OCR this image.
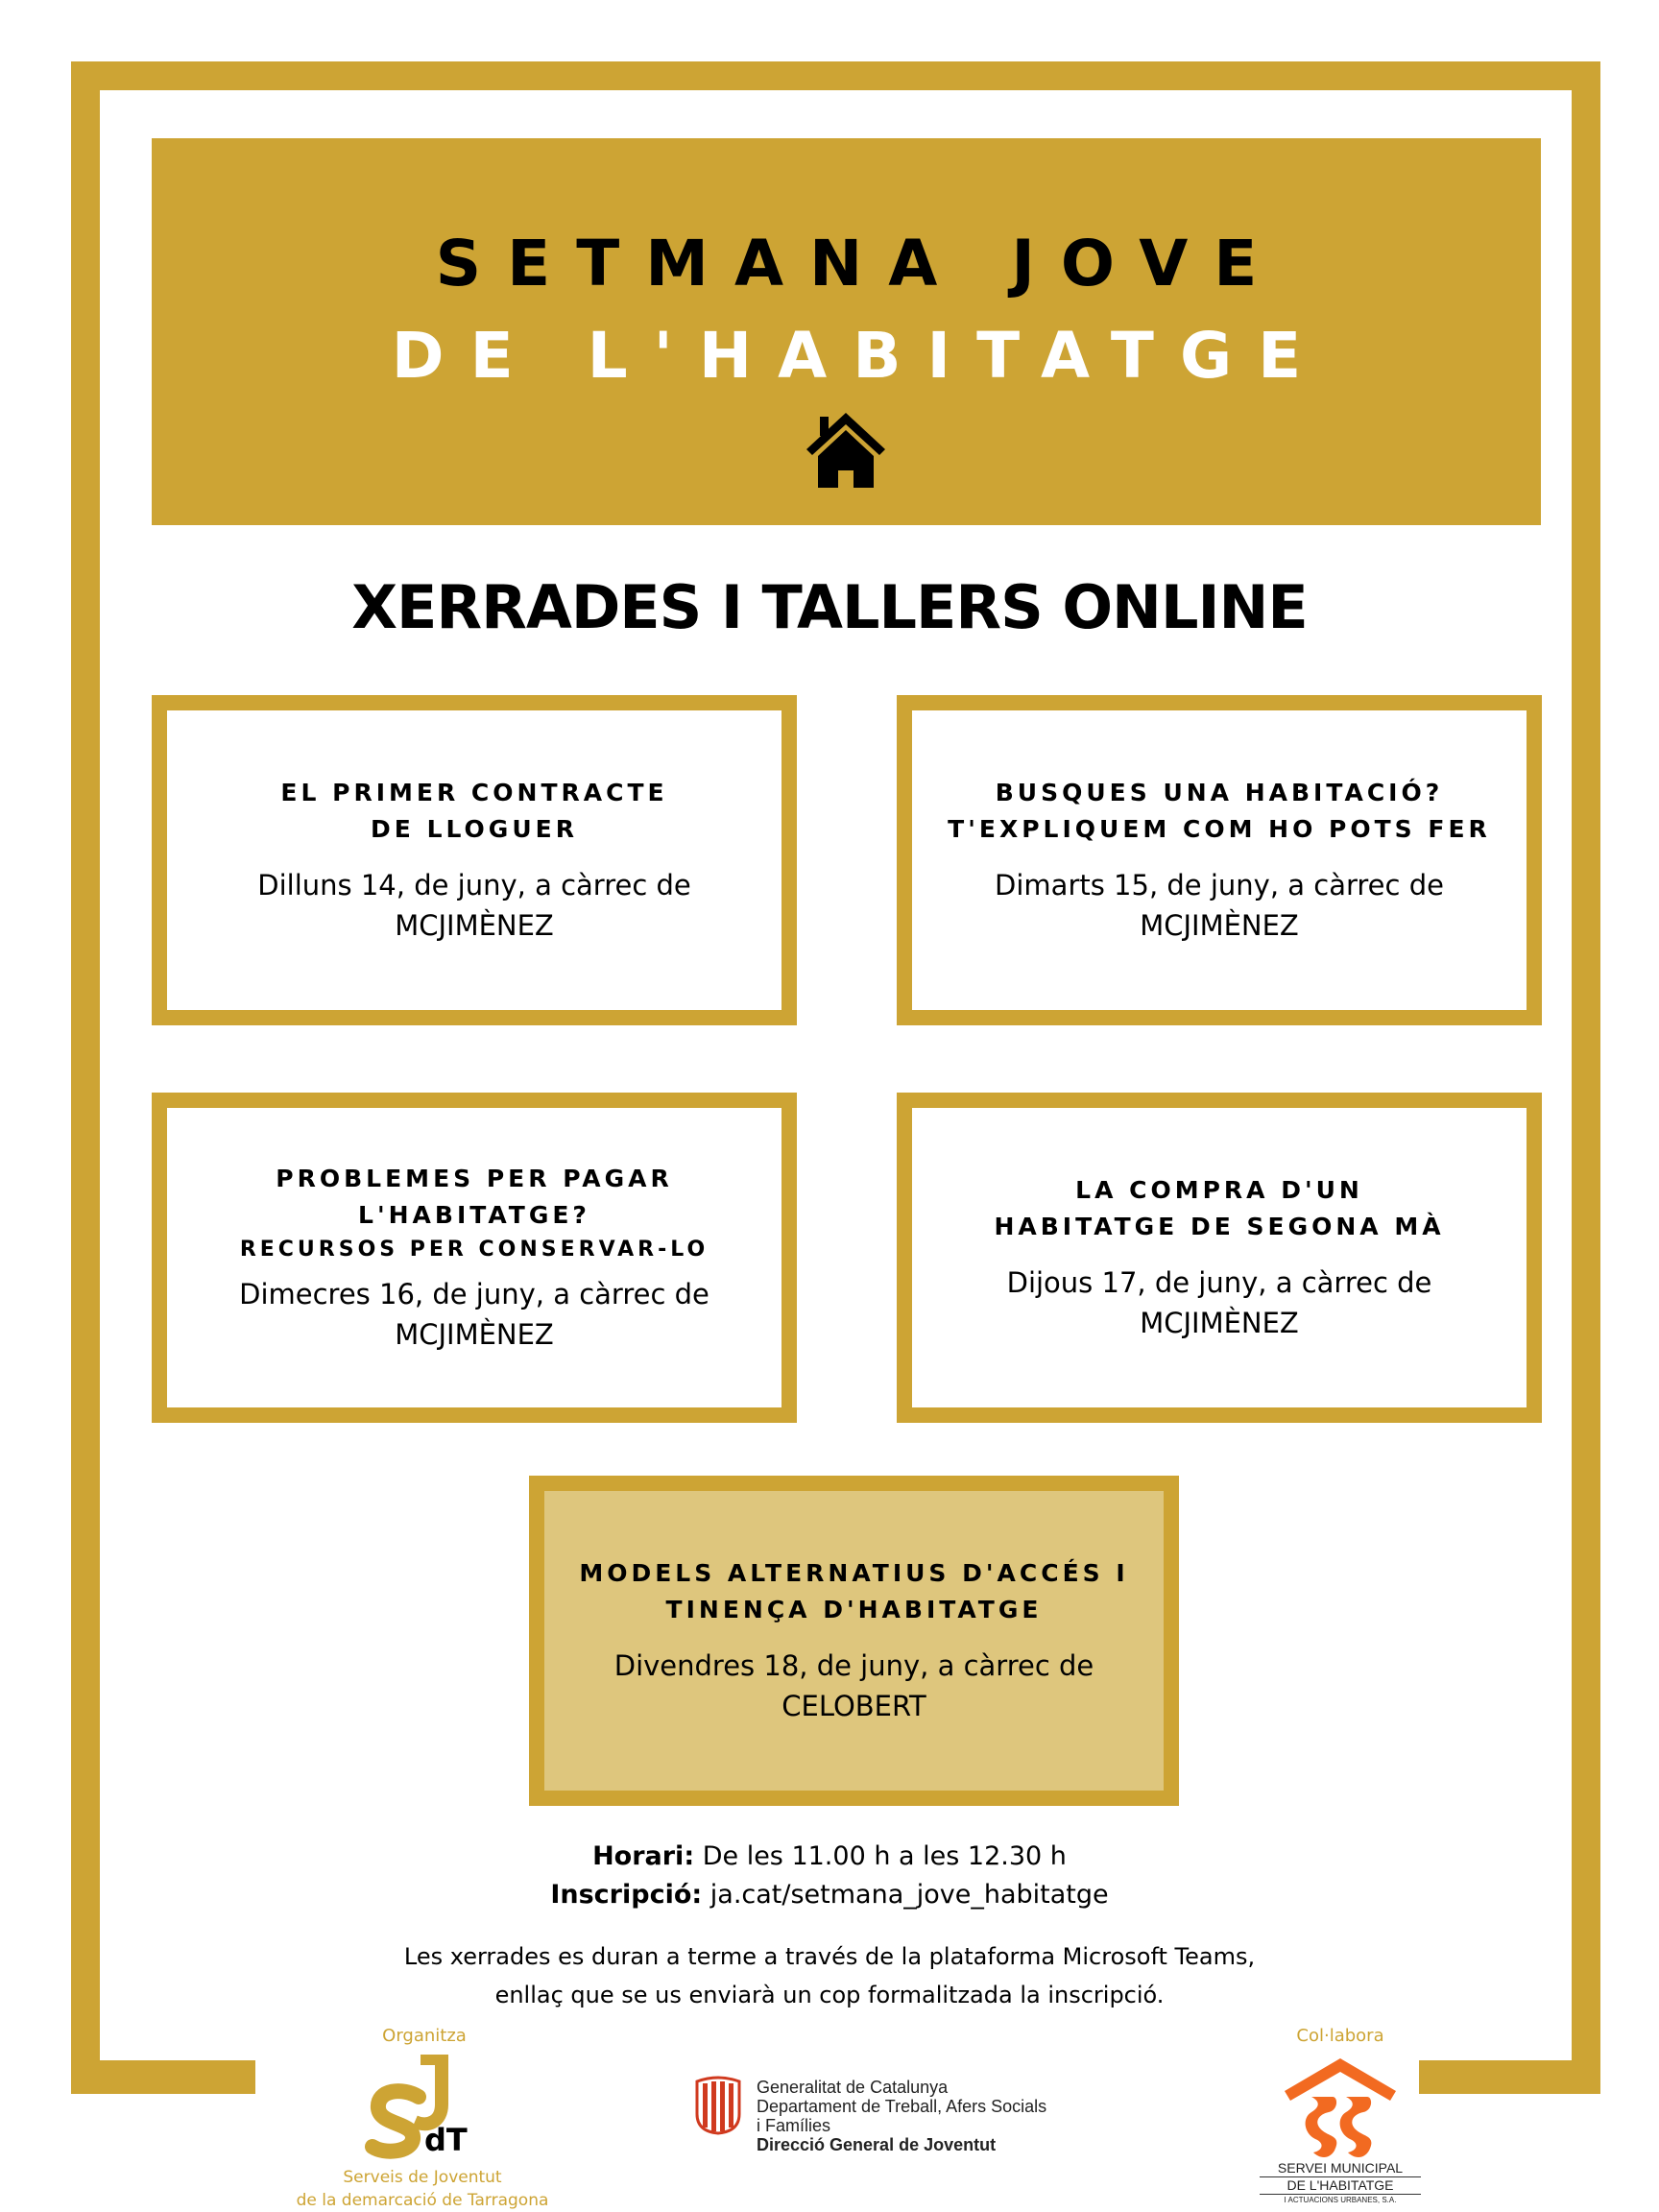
SETMANA JOVE
DE L'HABITATGE
XERRADES I TALLERS ONLINE
EL PRIMER CONTRACTE
DE LLOGUER
Dilluns 14, de juny, a càrrec de
MCJIMÈNEZ
BUSQUES UNA HABITACIÓ?
T'EXPLIQUEM COM HO POTS FER
Dimarts 15, de juny, a càrrec de
MCJIMÈNEZ
PROBLEMES PER PAGAR
L'HABITATGE?
RECURSOS PER CONSERVAR-LO
Dimecres 16, de juny, a càrrec de
MCJIMÈNEZ
LA COMPRA D'UN
HABITATGE DE SEGONA MÀ
Dijous 17, de juny, a càrrec de
MCJIMÈNEZ
MODELS ALTERNATIUS D'ACCÉS I
TINENÇA D'HABITATGE
Divendres 18, de juny, a càrrec de
CELOBERT
Horari: De les 11.00 h a les 12.30 h
Inscripció: ja.cat/setmana_jove_habitatge
Les xerrades es duran a terme a través de la plataforma Microsoft Teams,
enllaç que se us enviarà un cop formalitzada la inscripció.
Organitza	Col·labora
dT
Serveis de Joventut
de la demarcació de Tarragona
Generalitat de Catalunya
Departament de Treball, Afers Socials
i Famílies
Direcció General de Joventut
SERVEI MUNICIPAL
DE L'HABITATGE
I ACTUACIONS URBANES, S.A.
